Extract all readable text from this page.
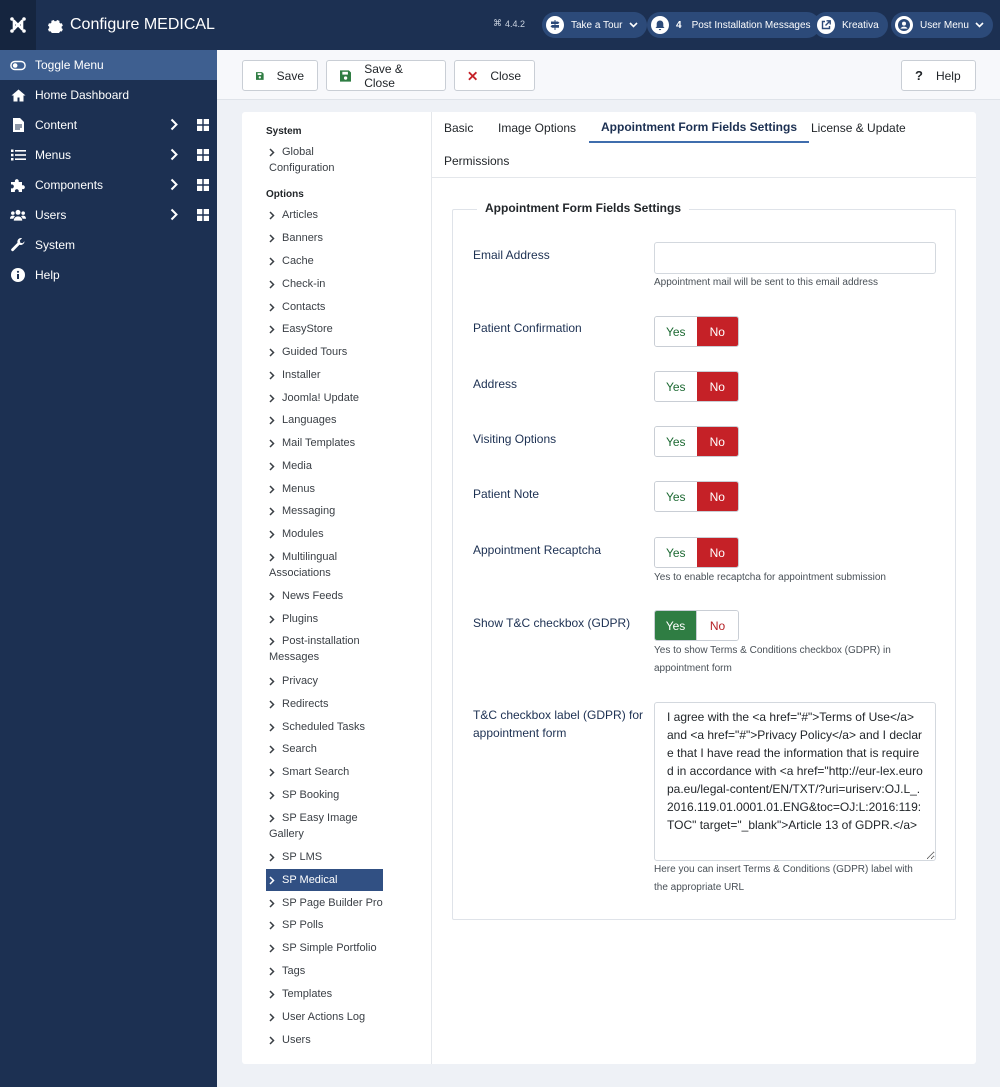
Configure MEDICAL	⌘ 4.4.2	Take a Tour	4 Post Installation Messages	Kreativa	User Menu
Toggle Menu
Home Dashboard
Content
Menus
Components
Users
System
Help
Save	Save & Close	Close	? Help
System
Global
Configuration
Options
Articles
Banners
Cache
Check-in
Contacts
EasyStore
Guided Tours
Installer
Joomla! Update
Languages
Mail Templates
Media
Menus
Messaging
Modules
Multilingual
Associations
News Feeds
Plugins
Post-installation
Messages
Privacy
Redirects
Scheduled Tasks
Search
Smart Search
SP Booking
SP Easy Image
Gallery
SP LMS
SP Medical
SP Page Builder Pro
SP Polls
SP Simple Portfolio
Tags
Templates
User Actions Log
Users
Basic Image Options	Appointment Form Fields Settings	License & Update
Permissions
Appointment Form Fields Settings
Email Address
Appointment mail will be sent to this email address
Patient Confirmation	Yes	No
Address	Yes	No
Visiting Options	Yes	No
Patient Note	Yes	No
Appointment Recaptcha	Yes	No
Yes to enable recaptcha for appointment submission
Show T&C checkbox (GDPR)	Yes	No
Yes to show Terms & Conditions checkbox (GDPR) in
appointment form
T&C checkbox label (GDPR) for
appointment form
I agree with the <a href="#">Terms of Use</a> and <a href="#">Privacy Policy</a> and I declare that I have read the information that is required in accordance with <a href="http://eur-lex.europa.eu/legal-content/EN/TXT/?uri=uriserv:OJ.L_.2016.119.01.0001.01.ENG&toc=OJ:L:2016:119:TOC" target="_blank">Article 13 of GDPR.</a>
Here you can insert Terms & Conditions (GDPR) label with
the appropriate URL
